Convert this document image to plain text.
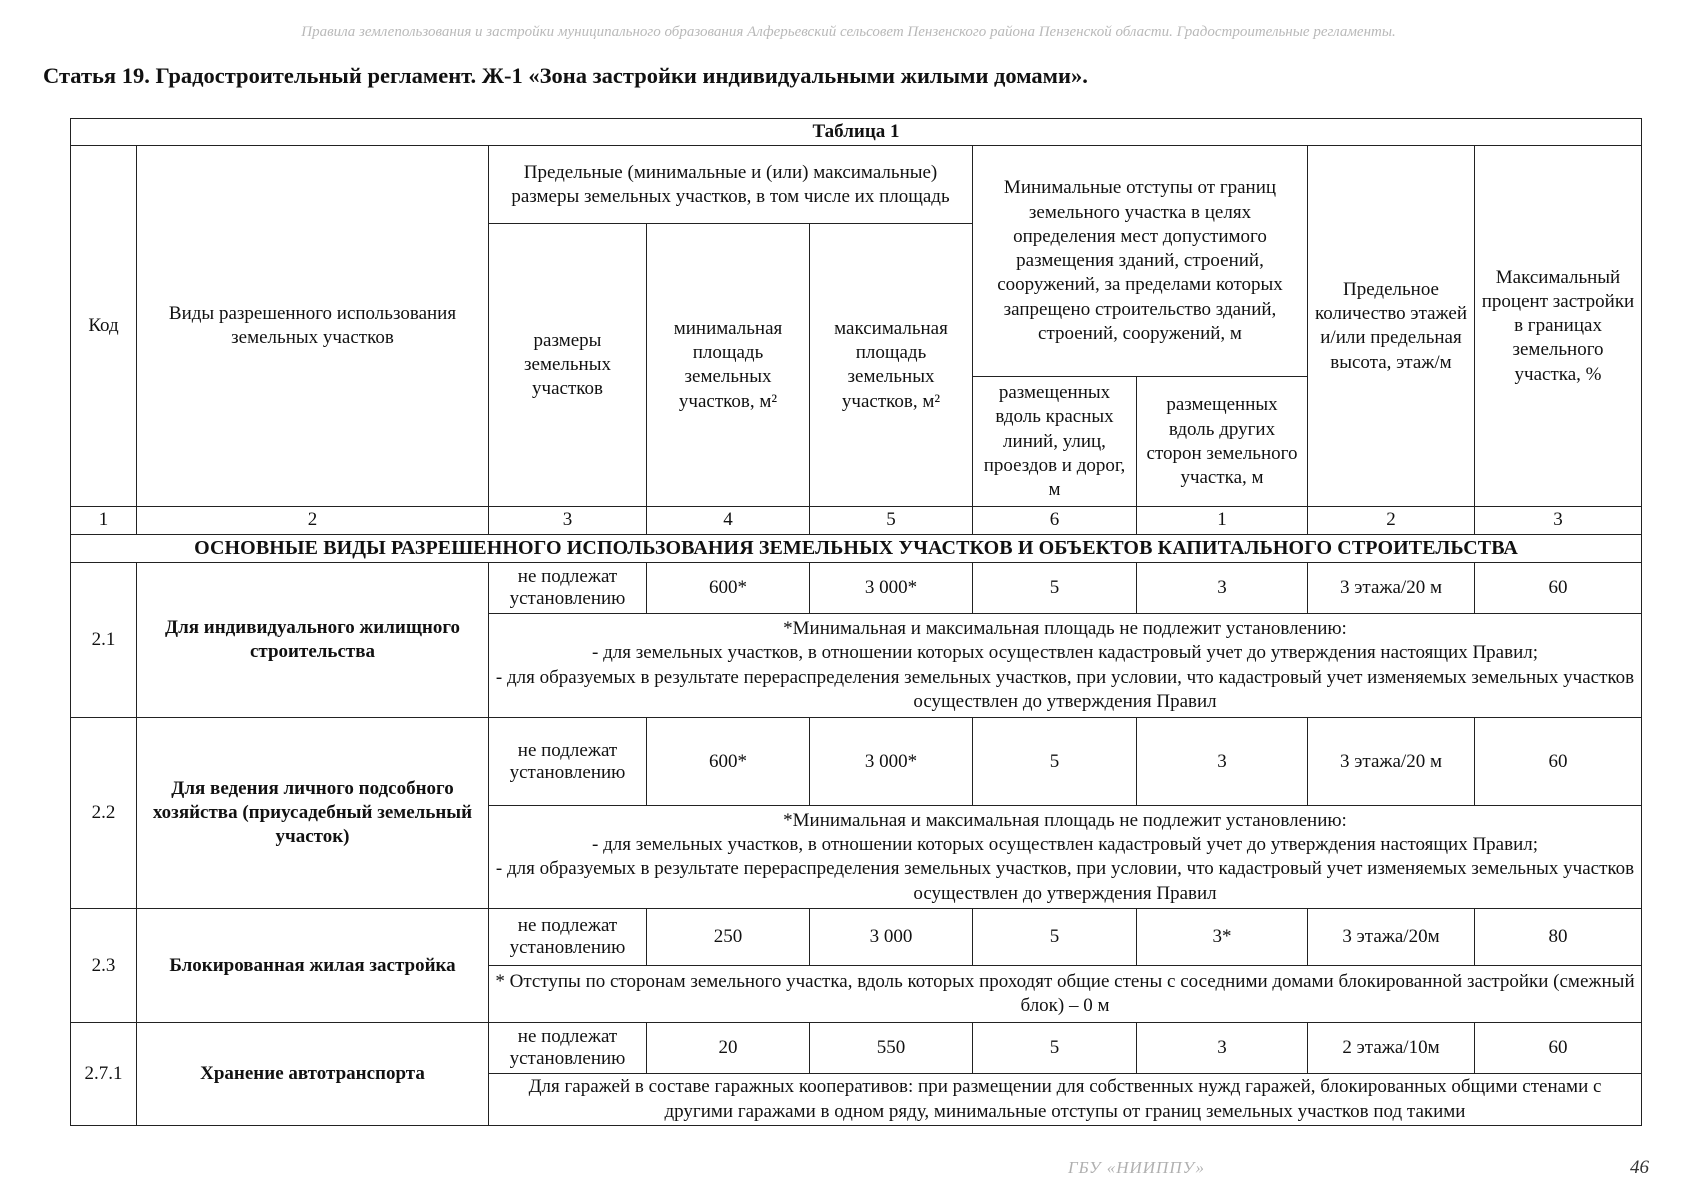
Правила землепользования и застройки муниципального образования Алферьевский сельсовет Пензенского района Пензенской области. Градостроительные регламенты.
Статья 19. Градостроительный регламент. Ж-1 «Зона застройки индивидуальными жилыми домами».
Таблица 1								
Код	Виды разрешенного использования земельных участков	Предельные (минимальные и (или) максимальные) размеры земельных участков, в том числе их площадь			Минимальные отступы от границ земельного участка в целях определения мест допустимого размещения зданий, строений, сооружений, за пределами которых запрещено строительство зданий, строений, сооружений, м		Предельное количество этажей и/или предельная высота, этаж/м	Максимальный процент застройки в границах земельного участка, %
		размеры земельных участков	минимальная площадь земельных участков, м²	максимальная площадь земельных участков, м²				
					размещенных вдоль красных линий, улиц, проездов и дорог, м	размещенных вдоль других сторон земельного участка, м		
1	2	3	4	5	6	1	2	3
ОСНОВНЫЕ ВИДЫ РАЗРЕШЕННОГО ИСПОЛЬЗОВАНИЯ ЗЕМЕЛЬНЫХ УЧАСТКОВ И ОБЪЕКТОВ КАПИТАЛЬНОГО СТРОИТЕЛЬСТВА								
2.1	Для индивидуального жилищного строительства	не подлежат установлению	600*	3 000*	5	3	3 этажа/20 м	60

		*Минимальная и максимальная площадь не подлежит установлению:
- для земельных участков, в отношении которых осуществлен кадастровый учет до утверждения настоящих Правил;
- для образуемых в результате перераспределения земельных участков, при условии, что кадастровый учет изменяемых земельных участков осуществлен до утверждения Правил						

2.2	Для ведения личного подсобного хозяйства (приусадебный земельный участок)	не подлежат установлению	600*	3 000*	5	3	3 этажа/20 м	60

		*Минимальная и максимальная площадь не подлежит установлению:
- для земельных участков, в отношении которых осуществлен кадастровый учет до утверждения настоящих Правил;
- для образуемых в результате перераспределения земельных участков, при условии, что кадастровый учет изменяемых земельных участков осуществлен до утверждения Правил						

2.3	Блокированная жилая застройка	не подлежат установлению	250	3 000	5	3*	3 этажа/20м	80

		* Отступы по сторонам земельного участка, вдоль которых проходят общие стены с соседними домами блокированной застройки (смежный блок) – 0 м						

2.7.1	Хранение автотранспорта	не подлежат установлению	20	550	5	3	2 этажа/10м	60

		Для гаражей в составе гаражных кооперативов: при размещении для собственных нужд гаражей, блокированных общими стенами с другими гаражами в одном ряду, минимальные отступы от границ земельных участков под такими						
ГБУ «НИИППУ»	46
